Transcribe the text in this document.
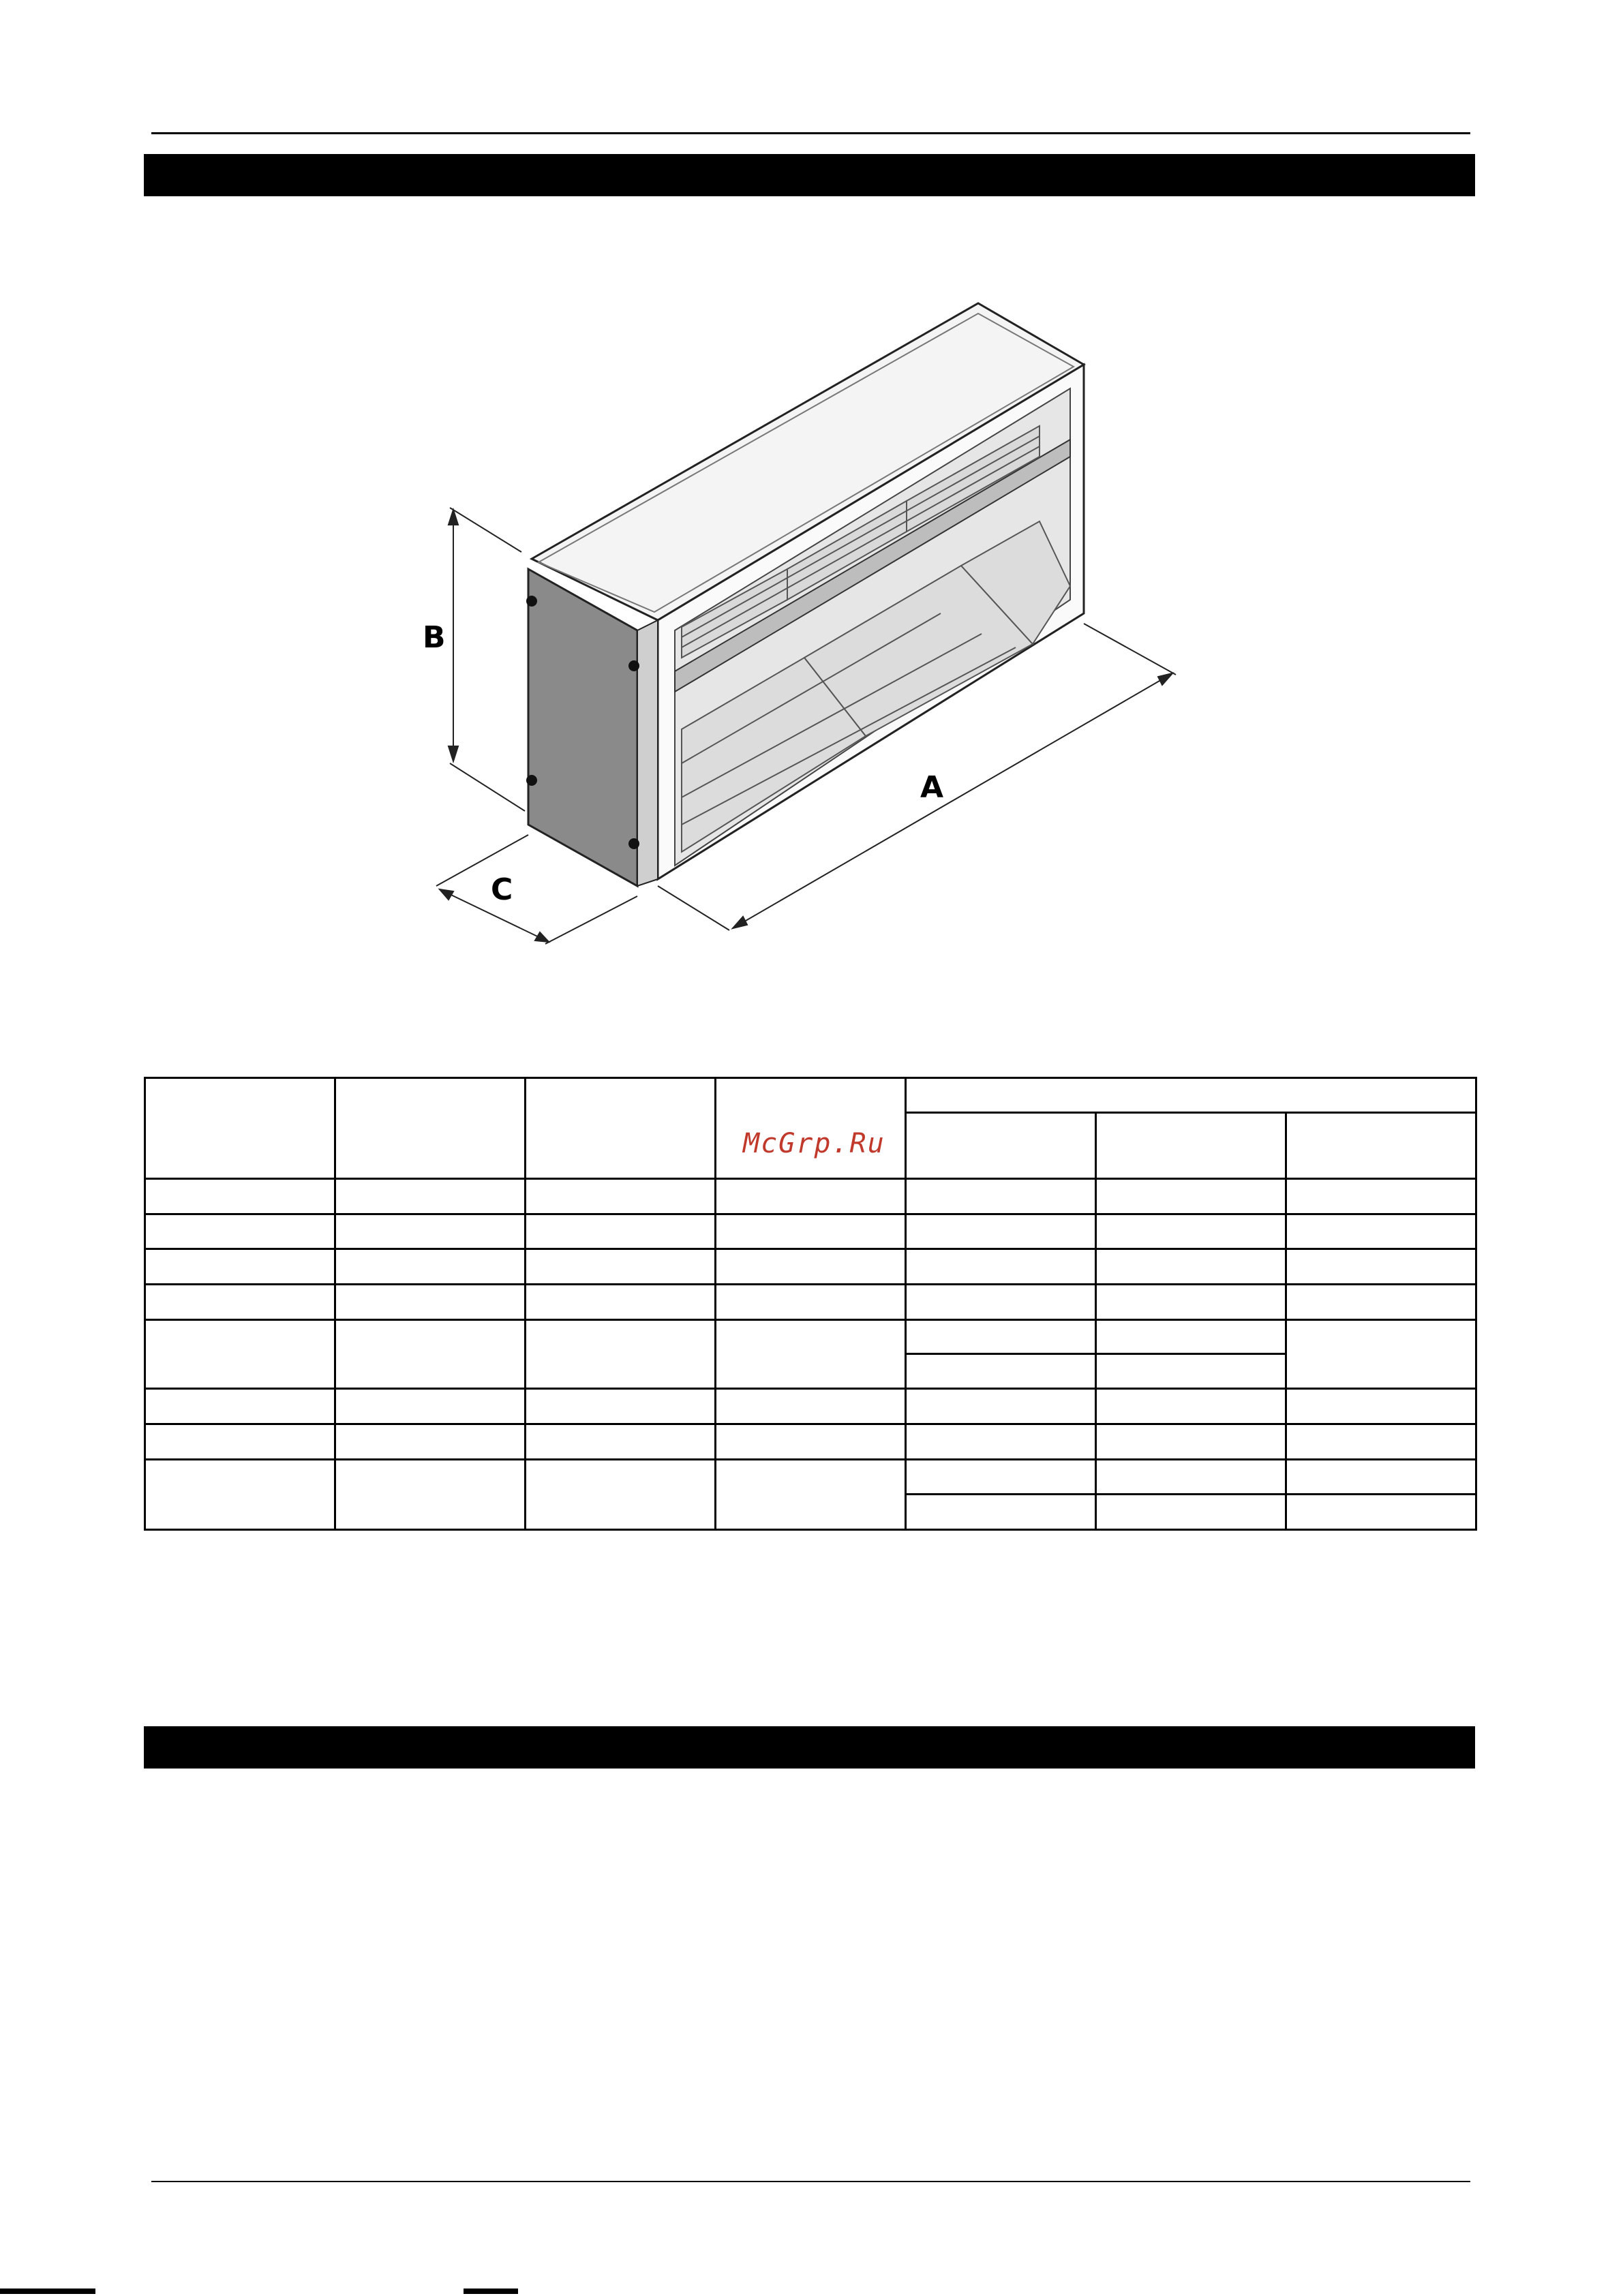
B
C
A

McGrp.Ru
